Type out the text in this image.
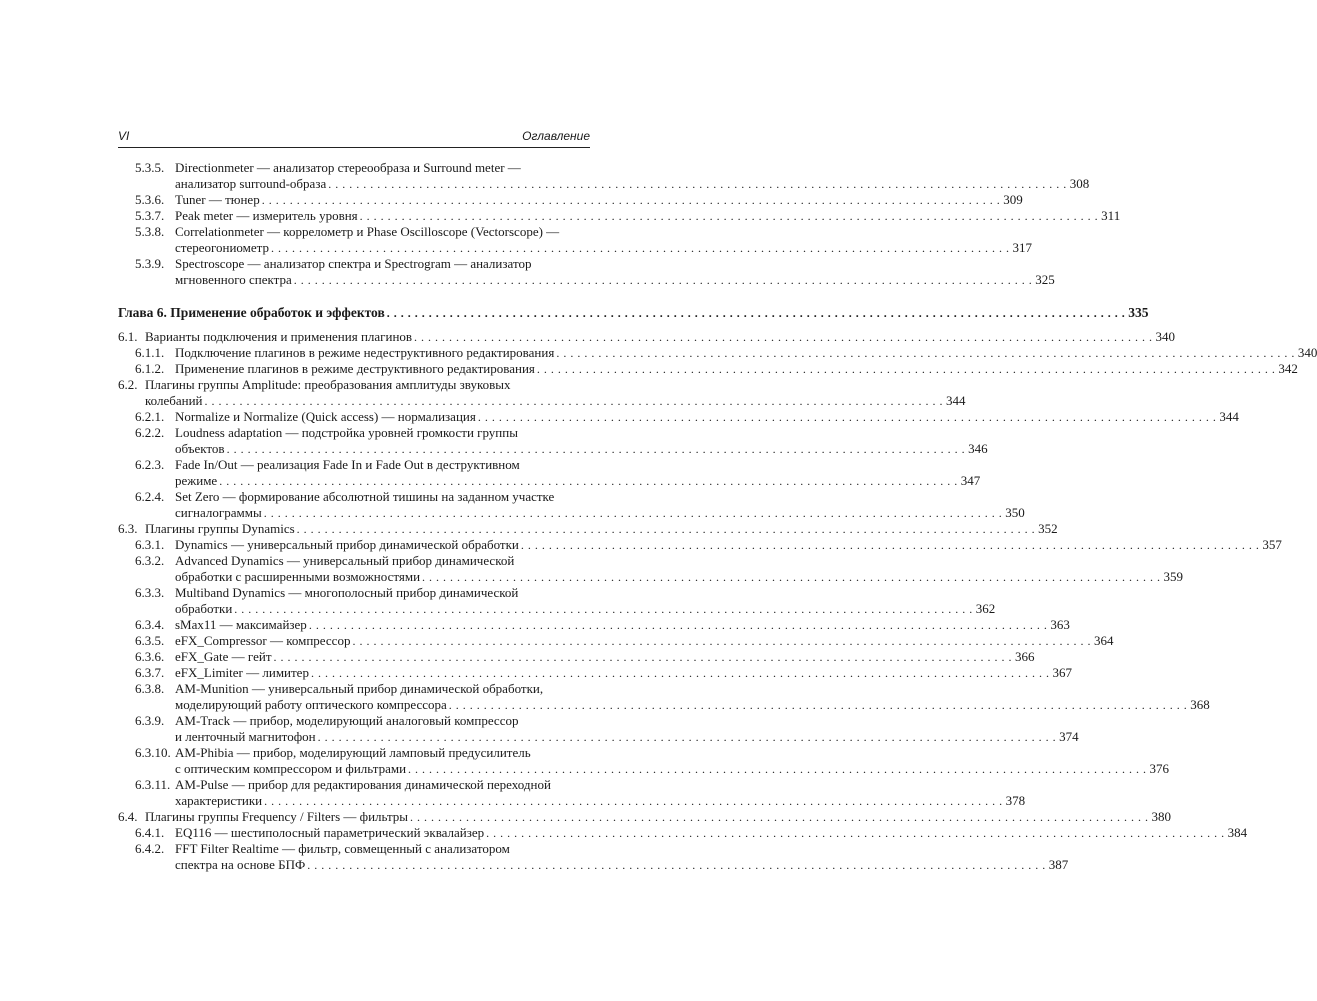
VI	Оглавление
5.3.5. Directionmeter — анализатор стереообраза и Surround meter —
анализатор surround-образа . . . . . . . . . . . . . . . . . . . . . . . . . . . . . . . . . . . . . . . . . . . . . . . . . . . . . . . . . . . . . . . . . . . . . . . . . . . . . . . . . . . . . . . . . . . . . . . . . . . . . . . . . . 308
5.3.6. Tuner — тюнер . . . . . . . . . . . . . . . . . . . . . . . . . . . . . . . . . . . . . . . . . . . . . . . . . . . . . . . . . . . . . . . . . . . . . . . . . . . . . . . . . . . . . . . . . . . . . . . . . . . . . . . . . . 309
5.3.7. Peak meter — измеритель уровня . . . . . . . . . . . . . . . . . . . . . . . . . . . . . . . . . . . . . . . . . . . . . . . . . . . . . . . . . . . . . . . . . . . . . . . . . . . . . . . . . . . . . . . . . . . . . . . . . . . . . . . . . . 311
5.3.8. Correlationmeter — коррелометр и Phase Oscilloscope (Vectorscope) —
стереогониометр . . . . . . . . . . . . . . . . . . . . . . . . . . . . . . . . . . . . . . . . . . . . . . . . . . . . . . . . . . . . . . . . . . . . . . . . . . . . . . . . . . . . . . . . . . . . . . . . . . . . . . . . . . 317
5.3.9. Spectroscope — анализатор спектра и Spectrogram — анализатор
мгновенного спектра . . . . . . . . . . . . . . . . . . . . . . . . . . . . . . . . . . . . . . . . . . . . . . . . . . . . . . . . . . . . . . . . . . . . . . . . . . . . . . . . . . . . . . . . . . . . . . . . . . . . . . . . . . 325
Глава 6. Применение обработок и эффектов . . . . . . . . . . . . . . . . . . . . . . . . . . . . . . . . . . . . . . . . . . . . . . . . . . . . . . . . . . . . . . . . . . . . . . . . . . . . . . . . . . . . . . . . . . . . . . . . . . . . . . . . . . 335
6.1. Варианты подключения и применения плагинов . . . . . . . . . . . . . . . . . . . . . . . . . . . . . . . . . . . . . . . . . . . . . . . . . . . . . . . . . . . . . . . . . . . . . . . . . . . . . . . . . . . . . . . . . . . . . . . . . . . . . . . . . . 340
6.1.1. Подключение плагинов в режиме недеструктивного редактирования . . . . . . . . . . . . . . . . . . . . . . . . . . . . . . . . . . . . . . . . . . . . . . . . . . . . . . . . . . . . . . . . . . . . . . . . . . . . . . . . . . . . . . . . . . . . . . . . . . . . . . . . . . 340
6.1.2. Применение плагинов в режиме деструктивного редактирования . . . . . . . . . . . . . . . . . . . . . . . . . . . . . . . . . . . . . . . . . . . . . . . . . . . . . . . . . . . . . . . . . . . . . . . . . . . . . . . . . . . . . . . . . . . . . . . . . . . . . . . . . . 342
6.2. Плагины группы Amplitude: преобразования амплитуды звуковых
колебаний . . . . . . . . . . . . . . . . . . . . . . . . . . . . . . . . . . . . . . . . . . . . . . . . . . . . . . . . . . . . . . . . . . . . . . . . . . . . . . . . . . . . . . . . . . . . . . . . . . . . . . . . . . 344
6.2.1. Normalize и Normalize (Quick access) — нормализация . . . . . . . . . . . . . . . . . . . . . . . . . . . . . . . . . . . . . . . . . . . . . . . . . . . . . . . . . . . . . . . . . . . . . . . . . . . . . . . . . . . . . . . . . . . . . . . . . . . . . . . . . . 344
6.2.2. Loudness adaptation — подстройка уровней громкости группы
объектов . . . . . . . . . . . . . . . . . . . . . . . . . . . . . . . . . . . . . . . . . . . . . . . . . . . . . . . . . . . . . . . . . . . . . . . . . . . . . . . . . . . . . . . . . . . . . . . . . . . . . . . . . . 346
6.2.3. Fade In/Out — реализация Fade In и Fade Out в деструктивном
режиме . . . . . . . . . . . . . . . . . . . . . . . . . . . . . . . . . . . . . . . . . . . . . . . . . . . . . . . . . . . . . . . . . . . . . . . . . . . . . . . . . . . . . . . . . . . . . . . . . . . . . . . . . . 347
6.2.4. Set Zero — формирование абсолютной тишины на заданном участке
сигналограммы . . . . . . . . . . . . . . . . . . . . . . . . . . . . . . . . . . . . . . . . . . . . . . . . . . . . . . . . . . . . . . . . . . . . . . . . . . . . . . . . . . . . . . . . . . . . . . . . . . . . . . . . . . 350
6.3. Плагины группы Dynamics . . . . . . . . . . . . . . . . . . . . . . . . . . . . . . . . . . . . . . . . . . . . . . . . . . . . . . . . . . . . . . . . . . . . . . . . . . . . . . . . . . . . . . . . . . . . . . . . . . . . . . . . . . 352
6.3.1. Dynamics — универсальный прибор динамической обработки . . . . . . . . . . . . . . . . . . . . . . . . . . . . . . . . . . . . . . . . . . . . . . . . . . . . . . . . . . . . . . . . . . . . . . . . . . . . . . . . . . . . . . . . . . . . . . . . . . . . . . . . . . 357
6.3.2. Advanced Dynamics — универсальный прибор динамической
обработки с расширенными возможностями . . . . . . . . . . . . . . . . . . . . . . . . . . . . . . . . . . . . . . . . . . . . . . . . . . . . . . . . . . . . . . . . . . . . . . . . . . . . . . . . . . . . . . . . . . . . . . . . . . . . . . . . . . 359
6.3.3. Multiband Dynamics — многополосный прибор динамической
обработки . . . . . . . . . . . . . . . . . . . . . . . . . . . . . . . . . . . . . . . . . . . . . . . . . . . . . . . . . . . . . . . . . . . . . . . . . . . . . . . . . . . . . . . . . . . . . . . . . . . . . . . . . . 362
6.3.4. sMax11 — максимайзер . . . . . . . . . . . . . . . . . . . . . . . . . . . . . . . . . . . . . . . . . . . . . . . . . . . . . . . . . . . . . . . . . . . . . . . . . . . . . . . . . . . . . . . . . . . . . . . . . . . . . . . . . . 363
6.3.5. eFX_Compressor — компрессор . . . . . . . . . . . . . . . . . . . . . . . . . . . . . . . . . . . . . . . . . . . . . . . . . . . . . . . . . . . . . . . . . . . . . . . . . . . . . . . . . . . . . . . . . . . . . . . . . . . . . . . . . . 364
6.3.6. eFX_Gate — гейт . . . . . . . . . . . . . . . . . . . . . . . . . . . . . . . . . . . . . . . . . . . . . . . . . . . . . . . . . . . . . . . . . . . . . . . . . . . . . . . . . . . . . . . . . . . . . . . . . . . . . . . . . . 366
6.3.7. eFX_Limiter — лимитер . . . . . . . . . . . . . . . . . . . . . . . . . . . . . . . . . . . . . . . . . . . . . . . . . . . . . . . . . . . . . . . . . . . . . . . . . . . . . . . . . . . . . . . . . . . . . . . . . . . . . . . . . . 367
6.3.8. AM-Munition — универсальный прибор динамической обработки,
моделирующий работу оптического компрессора . . . . . . . . . . . . . . . . . . . . . . . . . . . . . . . . . . . . . . . . . . . . . . . . . . . . . . . . . . . . . . . . . . . . . . . . . . . . . . . . . . . . . . . . . . . . . . . . . . . . . . . . . . 368
6.3.9. AM-Track — прибор, моделирующий аналоговый компрессор
и ленточный магнитофон . . . . . . . . . . . . . . . . . . . . . . . . . . . . . . . . . . . . . . . . . . . . . . . . . . . . . . . . . . . . . . . . . . . . . . . . . . . . . . . . . . . . . . . . . . . . . . . . . . . . . . . . . . 374
6.3.10. AM-Phibia — прибор, моделирующий ламповый предусилитель
с оптическим компрессором и фильтрами . . . . . . . . . . . . . . . . . . . . . . . . . . . . . . . . . . . . . . . . . . . . . . . . . . . . . . . . . . . . . . . . . . . . . . . . . . . . . . . . . . . . . . . . . . . . . . . . . . . . . . . . . . 376
6.3.11. AM-Pulse — прибор для редактирования динамической переходной
характеристики . . . . . . . . . . . . . . . . . . . . . . . . . . . . . . . . . . . . . . . . . . . . . . . . . . . . . . . . . . . . . . . . . . . . . . . . . . . . . . . . . . . . . . . . . . . . . . . . . . . . . . . . . . 378
6.4. Плагины группы Frequency / Filters — фильтры . . . . . . . . . . . . . . . . . . . . . . . . . . . . . . . . . . . . . . . . . . . . . . . . . . . . . . . . . . . . . . . . . . . . . . . . . . . . . . . . . . . . . . . . . . . . . . . . . . . . . . . . . . 380
6.4.1. EQ116 — шестиполосный параметрический эквалайзер . . . . . . . . . . . . . . . . . . . . . . . . . . . . . . . . . . . . . . . . . . . . . . . . . . . . . . . . . . . . . . . . . . . . . . . . . . . . . . . . . . . . . . . . . . . . . . . . . . . . . . . . . . 384
6.4.2. FFT Filter Realtime — фильтр, совмещенный с анализатором
спектра на основе БПФ . . . . . . . . . . . . . . . . . . . . . . . . . . . . . . . . . . . . . . . . . . . . . . . . . . . . . . . . . . . . . . . . . . . . . . . . . . . . . . . . . . . . . . . . . . . . . . . . . . . . . . . . . . 387
